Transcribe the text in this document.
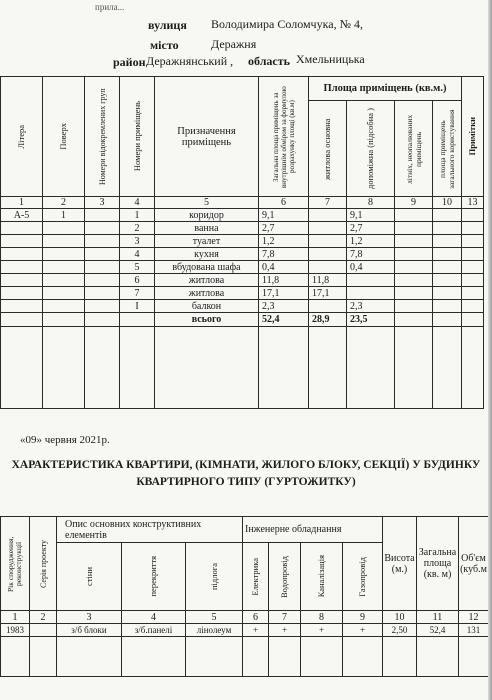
прила...
вулиця Володимира Соломчука, № 4,
місто	Деражня
район Деражнянський , область Хмельницька
Літера	Поверх	Номери відокремлених груп	Номери приміщень	Призначення приміщень	Загальна площа приміщень за внутрішнім обміром за формулою розрахунку площі (кв.м)	Площа приміщень (кв.м.)				Примітки

						житлова основна	допоміжна (підсобна )	літніх, неопалюваних приміщень	площа приміщень загального користування	

1	2	3	4	5	6	7	8	9	10	13
А-5	1		1	коридор	9,1		9,1			
			2	ванна	2,7		2,7			
			3	туалет	1,2		1,2			
			4	кухня	7,8		7,8			
			5	вбудована шафа	0,4		0,4			
			6	житлова	11,8	11,8				
			7	житлова	17,1	17,1				
			І	балкон	2,3		2,3			
				всього	52,4	28,9	23,5			

«09» червня 2021р.
ХАРАКТЕРИСТИКА КВАРТИРИ, (КІМНАТИ, ЖИЛОГО БЛОКУ, СЕКЦІЇ) У БУДИНКУ
КВАРТИРНОГО ТИПУ (ГУРТОЖИТКУ)
Рік спорудження, реконструкції	Серія проекту	Опис основних конструктивних елементів			Інженерне обладнання				Висота (м.)	Загальна площа (кв. м)	Об'єм (куб.м

		стіни	перекриття	підлога	Електрика	Водопровід	Каналізація	Газопровід			

1	2	3	4	5	6	7	8	9	10	11	12
1983		з/б блоки	з/б.панелі	лінолеум	+	+	+	+	2,50	52,4	131
